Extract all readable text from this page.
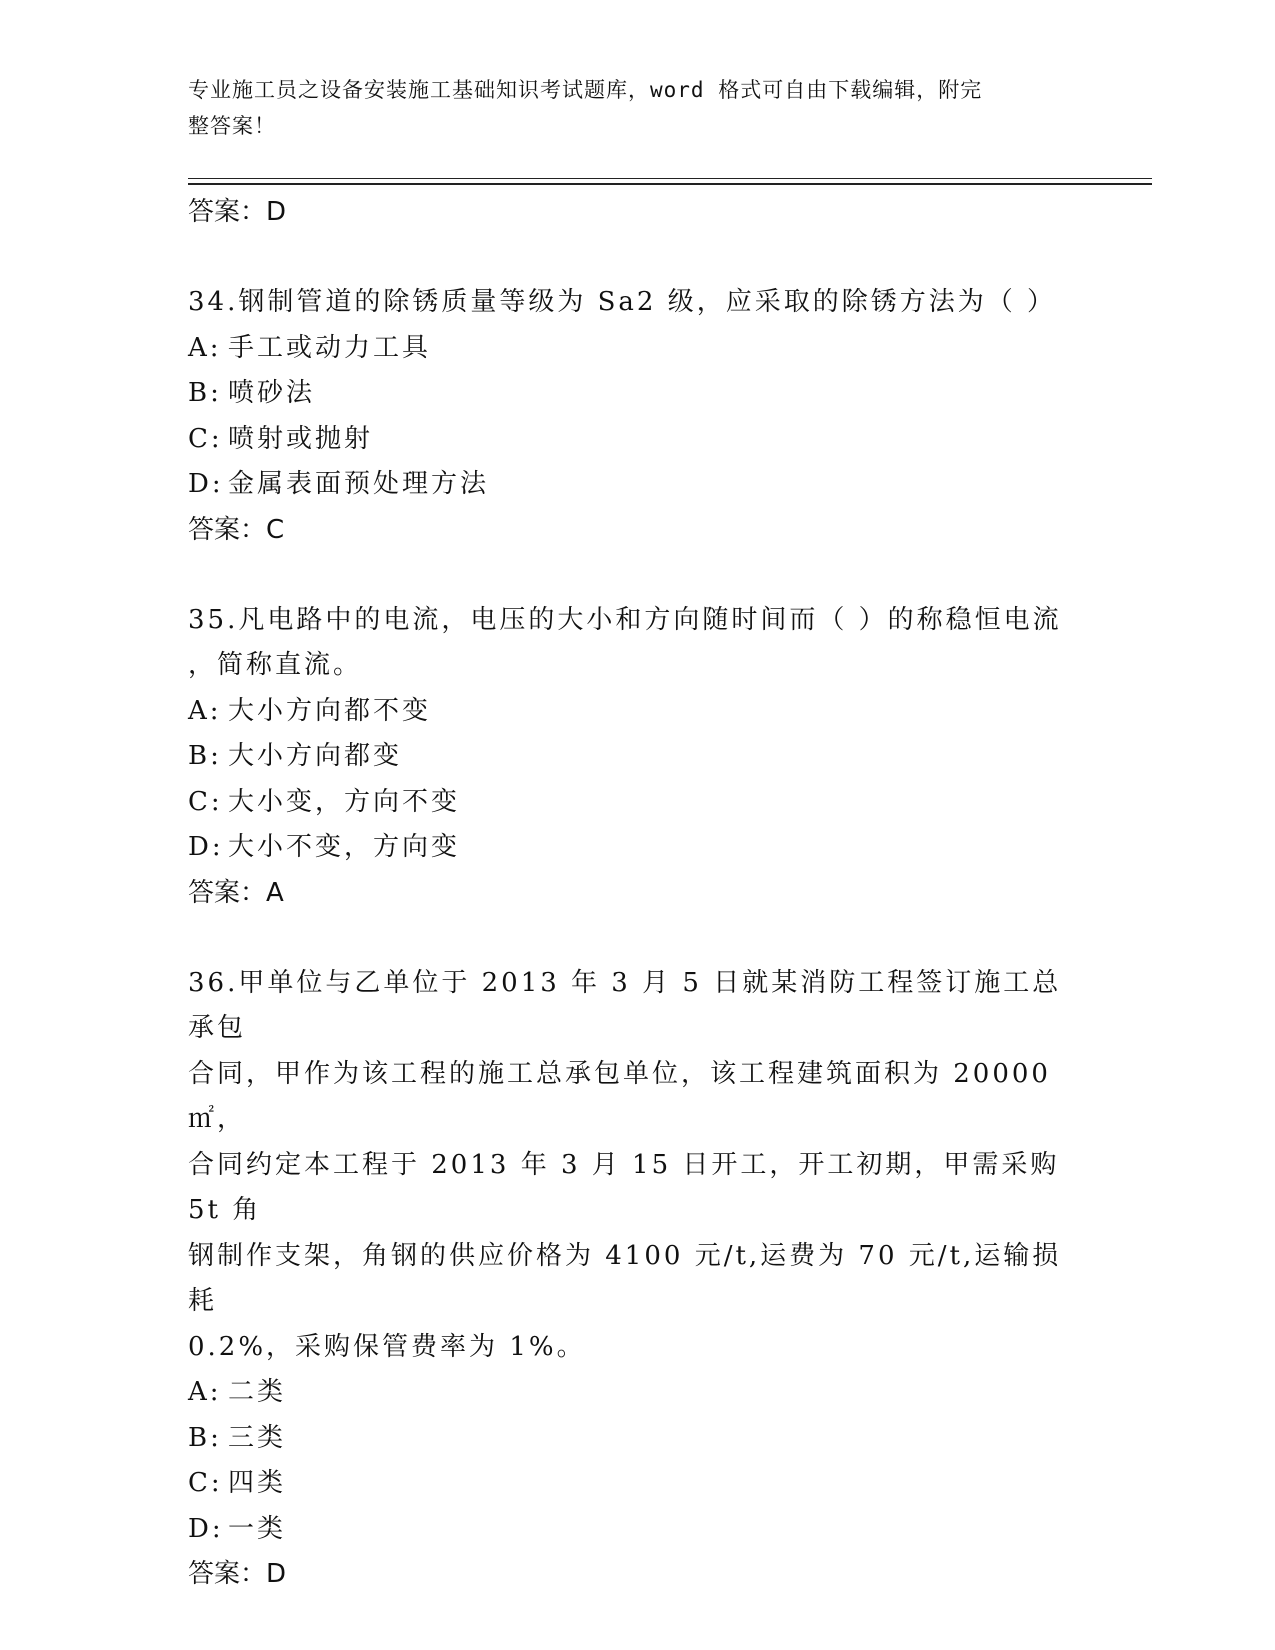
专业施工员之设备安装施工基础知识考试题库，word 格式可自由下载编辑，附完
整答案！
答案：D
34.钢制管道的除锈质量等级为 Sa2 级，应采取的除锈方法为（ ）
A: 手工或动力工具
B: 喷砂法
C: 喷射或抛射
D: 金属表面预处理方法
答案：C
35.凡电路中的电流，电压的大小和方向随时间而（ ）的称稳恒电流
，简称直流。
A: 大小方向都不变
B: 大小方向都变
C: 大小变，方向不变
D: 大小不变，方向变
答案：A
36.甲单位与乙单位于 2013 年 3 月 5 日就某消防工程签订施工总承包
合同，甲作为该工程的施工总承包单位，该工程建筑面积为 20000㎡，
合同约定本工程于 2013 年 3 月 15 日开工，开工初期，甲需采购 5t 角
钢制作支架，角钢的供应价格为 4100 元/t,运费为 70 元/t,运输损耗
0.2%，采购保管费率为 1%。
A: 二类
B: 三类
C: 四类
D: 一类
答案：D
